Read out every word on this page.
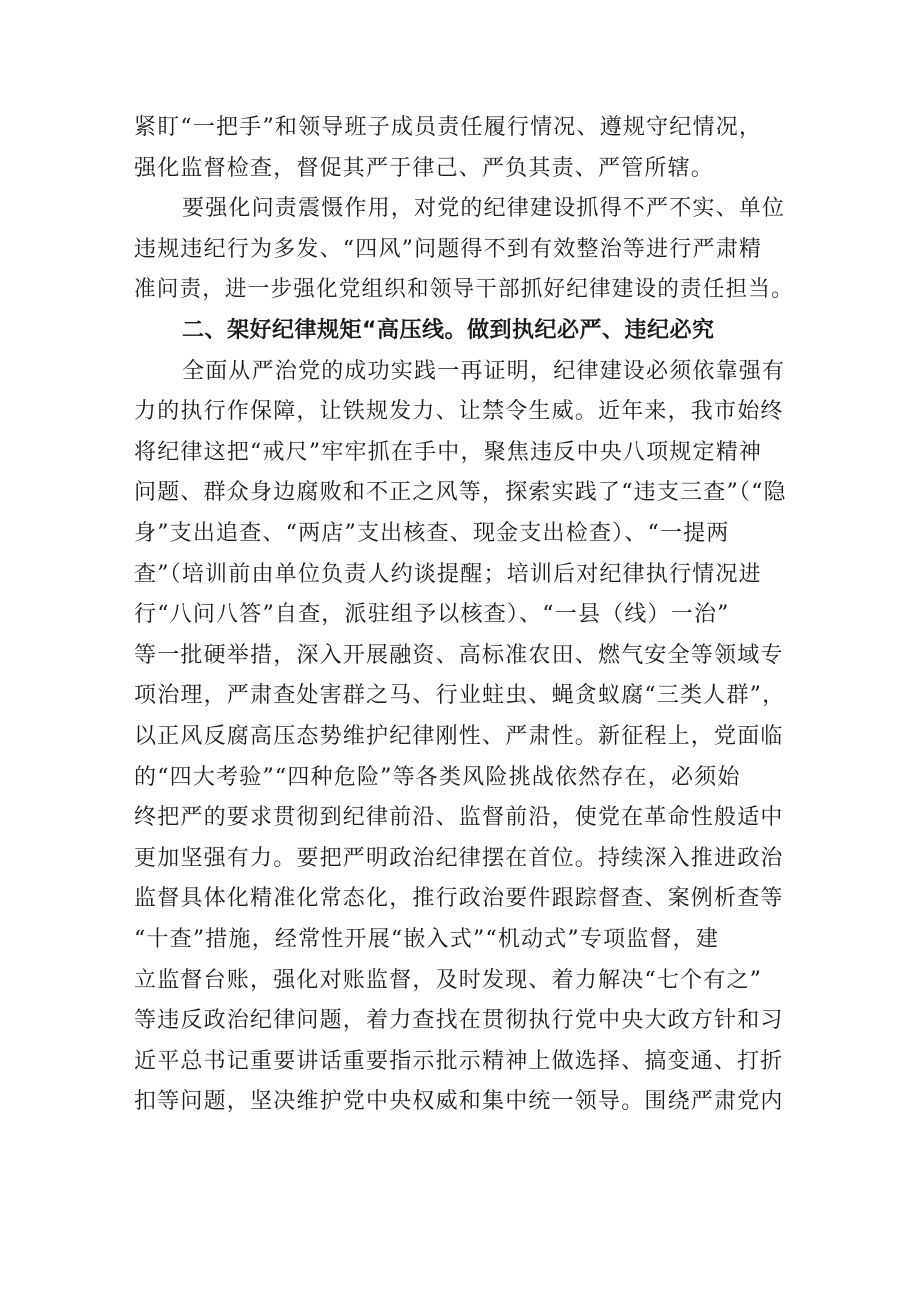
紧盯“一把手”和领导班子成员责任履行情况、遵规守纪情况，
强化监督检查，督促其严于律己、严负其责、严管所辖。
要强化问责震慑作用，对党的纪律建设抓得不严不实、单位
违规违纪行为多发、“四风”问题得不到有效整治等进行严肃精
准问责，进一步强化党组织和领导干部抓好纪律建设的责任担当。
二、架好纪律规矩“高压线。做到执纪必严、违纪必究
全面从严治党的成功实践一再证明，纪律建设必须依靠强有
力的执行作保障，让铁规发力、让禁令生威。近年来，我市始终
将纪律这把“戒尺”牢牢抓在手中，聚焦违反中央八项规定精神
问题、群众身边腐败和不正之风等，探索实践了“违支三查”（“隐
身”支出追查、“两店”支出核查、现金支出检查）、“一提两
查”（培训前由单位负责人约谈提醒；培训后对纪律执行情况进
行“八问八答”自查，派驻组予以核查）、“一县（线）一治”
等一批硬举措，深入开展融资、高标准农田、燃气安全等领域专
项治理，严肃查处害群之马、行业蛀虫、蝇贪蚁腐“三类人群”，
以正风反腐高压态势维护纪律刚性、严肃性。新征程上，党面临
的“四大考验”“四种危险”等各类风险挑战依然存在，必须始
终把严的要求贯彻到纪律前沿、监督前沿，使党在革命性般适中
更加坚强有力。要把严明政治纪律摆在首位。持续深入推进政治
监督具体化精准化常态化，推行政治要件跟踪督查、案例析查等
“十查”措施，经常性开展“嵌入式”“机动式”专项监督，建
立监督台账，强化对账监督，及时发现、着力解决“七个有之”
等违反政治纪律问题，着力查找在贯彻执行党中央大政方针和习
近平总书记重要讲话重要指示批示精神上做选择、搞变通、打折
扣等问题，坚决维护党中央权威和集中统一领导。围绕严肃党内
